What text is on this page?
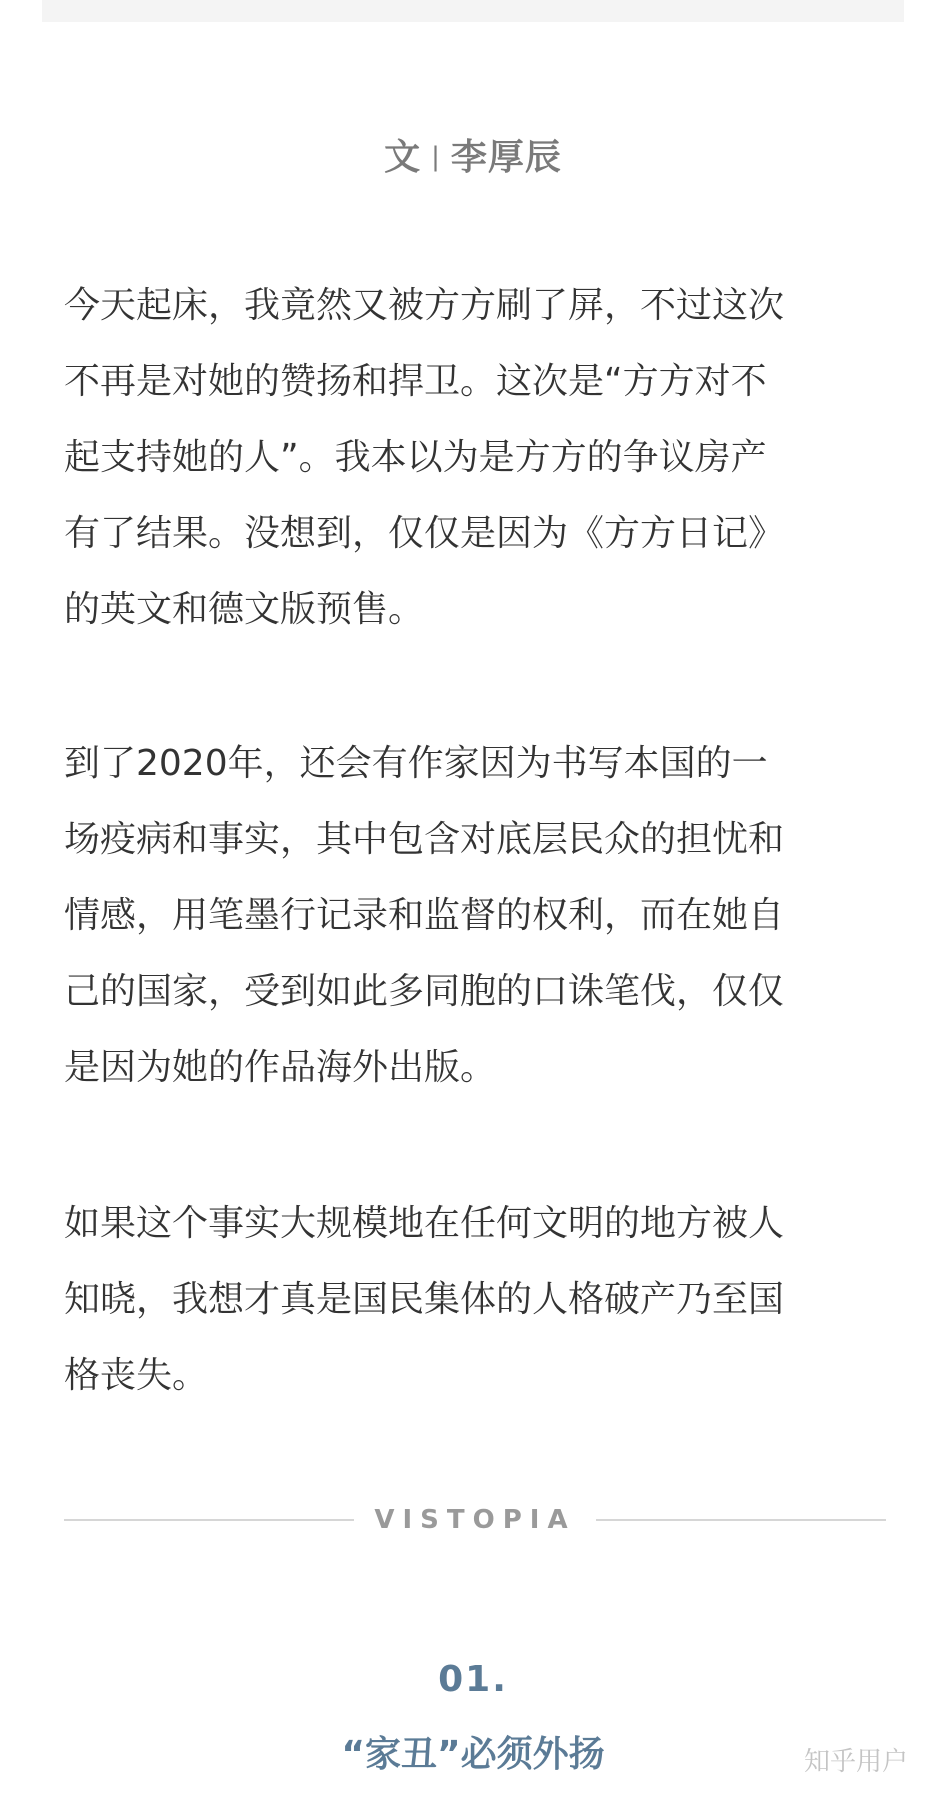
文 | 李厚辰

今天起床，我竟然又被方方刷了屏，不过这次
不再是对她的赞扬和捍卫。这次是“方方对不
起支持她的人”。我本以为是方方的争议房产
有了结果。没想到，仅仅是因为《方方日记》
的英文和德文版预售。

到了2020年，还会有作家因为书写本国的一
场疫病和事实，其中包含对底层民众的担忧和
情感，用笔墨行记录和监督的权利，而在她自
己的国家，受到如此多同胞的口诛笔伐，仅仅
是因为她的作品海外出版。

如果这个事实大规模地在任何文明的地方被人
知晓，我想才真是国民集体的人格破产乃至国
格丧失。

VISTOPIA
01.
“家丑”必须外扬	知乎用户
